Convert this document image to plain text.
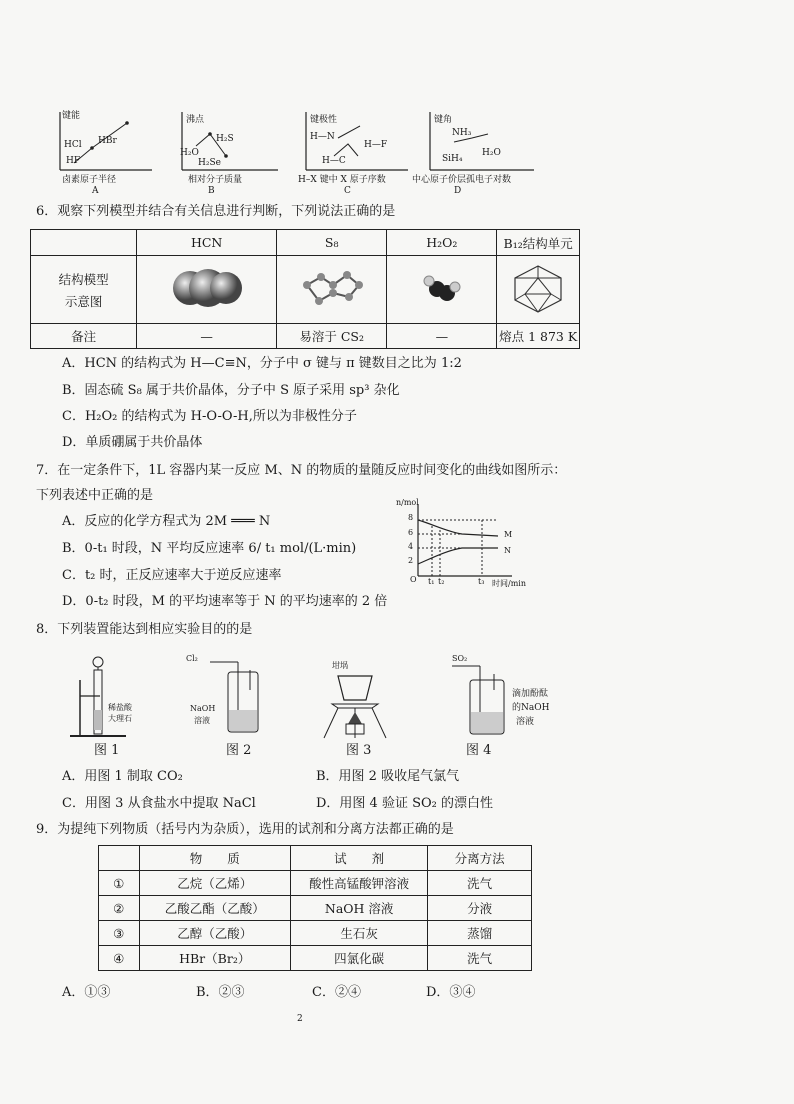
键能
HCl HBr
HF
卤素原子半径
A
沸点
H₂S
H₂O
H₂Se
相对分子质量
B
键极性
H—N
H—F
H—C
H–X 键中 X 原子序数
C
键角
NH₃
H₂O
SiH₄
中心原子价层孤电子对数
D
6．观察下列模型并结合有关信息进行判断，下列说法正确的是
	HCN	S₈	H₂O₂	B₁₂结构单元

结构模型
示意图

备注	—	易溶于 CS₂	—	熔点 1 873 K
A．HCN 的结构式为 H—C≡N，分子中 σ 键与 π 键数目之比为 1:2
B．固态硫 S₈ 属于共价晶体，分子中 S 原子采用 sp³ 杂化
C．H₂O₂ 的结构式为 H-O-O-H,所以为非极性分子
D．单质硼属于共价晶体
7．在一定条件下，1L 容器内某一反应 M、N 的物质的量随反应时间变化的曲线如图所示：
下列表述中正确的是
A．反应的化学方程式为 2M ═══ N
B．0-t₁ 时段，N 平均反应速率 6/ t₁ mol/(L·min)
C．t₂ 时，正反应速率大于逆反应速率
D．0-t₂ 时段，M 的平均速率等于 N 的平均速率的 2 倍
n/mol
8
6
4
2
O t₁ t₂	t₃ 时间/min
M
N
8．下列装置能达到相应实验目的的是
稀盐酸
大理石
图 1
Cl₂
NaOH
溶液
图 2
坩埚
图 3
SO₂
滴加酚酞
的NaOH
溶液
图 4
A．用图 1 制取 CO₂	B．用图 2 吸收尾气氯气
C．用图 3 从食盐水中提取 NaCl	D．用图 4 验证 SO₂ 的漂白性
9．为提纯下列物质（括号内为杂质），选用的试剂和分离方法都正确的是
	物　　质	试　　剂	分离方法
①	乙烷（乙烯）	酸性高锰酸钾溶液	洗气
②	乙酸乙酯（乙酸）	NaOH 溶液	分液
③	乙醇（乙酸）	生石灰	蒸馏
④	HBr（Br₂）	四氯化碳	洗气
A．①③	B．②③	C．②④	D．③④
2
